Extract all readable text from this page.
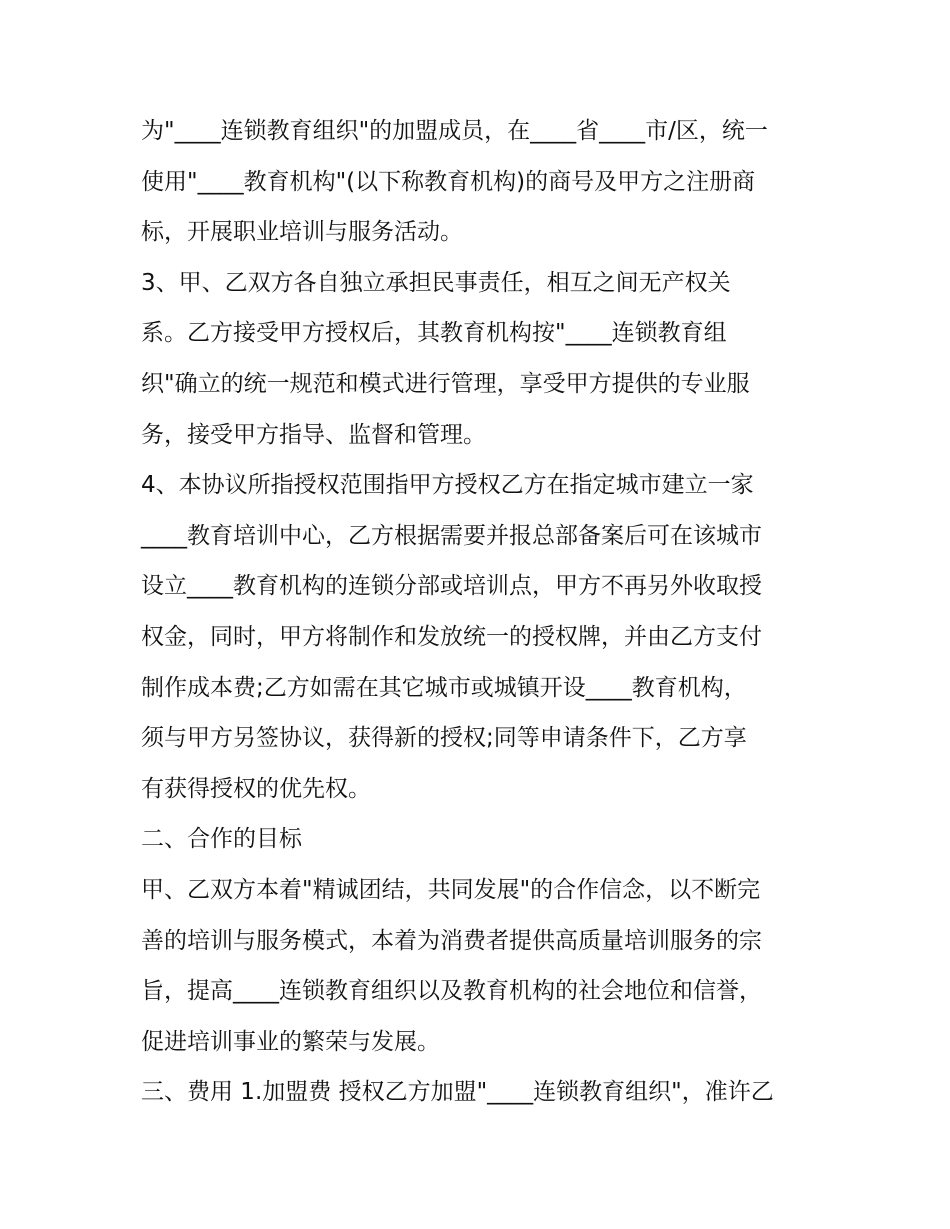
为"____连锁教育组织"的加盟成员，在____省____市/区，统一
使用"____教育机构"(以下称教育机构)的商号及甲方之注册商
标，开展职业培训与服务活动。
3、甲、乙双方各自独立承担民事责任，相互之间无产权关
系。乙方接受甲方授权后，其教育机构按"____连锁教育组
织"确立的统一规范和模式进行管理，享受甲方提供的专业服
务，接受甲方指导、监督和管理。
4、本协议所指授权范围指甲方授权乙方在指定城市建立一家
____教育培训中心，乙方根据需要并报总部备案后可在该城市
设立____教育机构的连锁分部或培训点，甲方不再另外收取授
权金，同时，甲方将制作和发放统一的授权牌，并由乙方支付
制作成本费;乙方如需在其它城市或城镇开设____教育机构，
须与甲方另签协议，获得新的授权;同等申请条件下，乙方享
有获得授权的优先权。
二、合作的目标
甲、乙双方本着"精诚团结，共同发展"的合作信念，以不断完
善的培训与服务模式，本着为消费者提供高质量培训服务的宗
旨，提高____连锁教育组织以及教育机构的社会地位和信誉，
促进培训事业的繁荣与发展。
三、费用 1.加盟费 授权乙方加盟"____连锁教育组织"，准许乙
